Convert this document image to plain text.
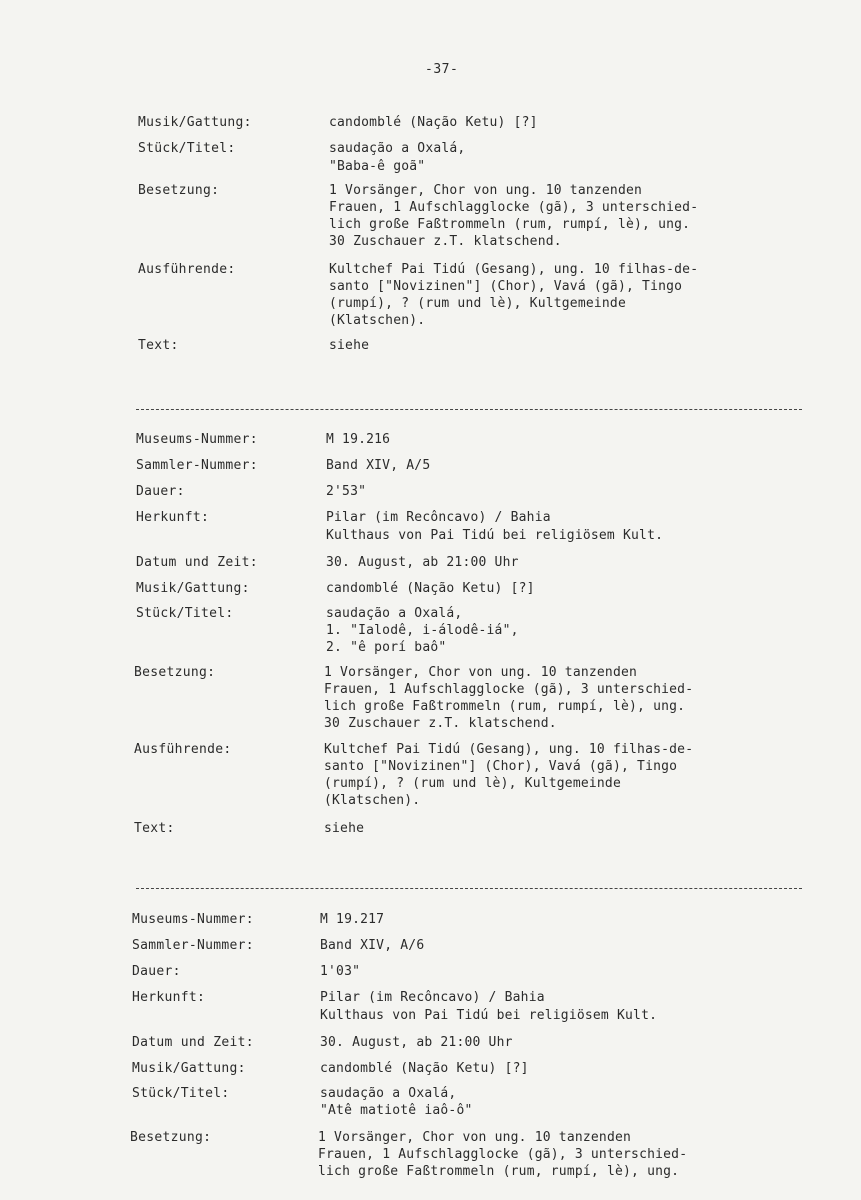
-37-
Musik/Gattung:	candomblé (Nação Ketu) [?]
Stück/Titel:	saudação a Oxalá,
"Baba-ê goã"
Besetzung:	1 Vorsänger, Chor von ung. 10 tanzenden
Frauen, 1 Aufschlagglocke (gã), 3 unterschied-
lich große Faßtrommeln (rum, rumpí, lè), ung.
30 Zuschauer z.T. klatschend.
Ausführende:	Kultchef Pai Tidú (Gesang), ung. 10 filhas-de-
santo ["Novizinen"] (Chor), Vavá (gã), Tingo
(rumpí), ? (rum und lè), Kultgemeinde
(Klatschen).
Text:	siehe
Museums-Nummer:	M 19.216
Sammler-Nummer:	Band XIV, A/5
Dauer:	2'53"
Herkunft:	Pilar (im Recôncavo) / Bahia
Kulthaus von Pai Tidú bei religiösem Kult.
Datum und Zeit:	30. August, ab 21:00 Uhr
Musik/Gattung:	candomblé (Nação Ketu) [?]
Stück/Titel:	saudação a Oxalá,
1. "Ialodê, i-álodê-iá",
2. "ê porí baô"
Besetzung:	1 Vorsänger, Chor von ung. 10 tanzenden
Frauen, 1 Aufschlagglocke (gã), 3 unterschied-
lich große Faßtrommeln (rum, rumpí, lè), ung.
30 Zuschauer z.T. klatschend.
Ausführende:	Kultchef Pai Tidú (Gesang), ung. 10 filhas-de-
santo ["Novizinen"] (Chor), Vavá (gã), Tingo
(rumpí), ? (rum und lè), Kultgemeinde
(Klatschen).
Text:	siehe
Museums-Nummer:	M 19.217
Sammler-Nummer:	Band XIV, A/6
Dauer:	1'03"
Herkunft:	Pilar (im Recôncavo) / Bahia
Kulthaus von Pai Tidú bei religiösem Kult.
Datum und Zeit:	30. August, ab 21:00 Uhr
Musik/Gattung:	candomblé (Nação Ketu) [?]
Stück/Titel:	saudação a Oxalá,
"Atê matiotê iaô-ô"
Besetzung:	1 Vorsänger, Chor von ung. 10 tanzenden
Frauen, 1 Aufschlagglocke (gã), 3 unterschied-
lich große Faßtrommeln (rum, rumpí, lè), ung.
